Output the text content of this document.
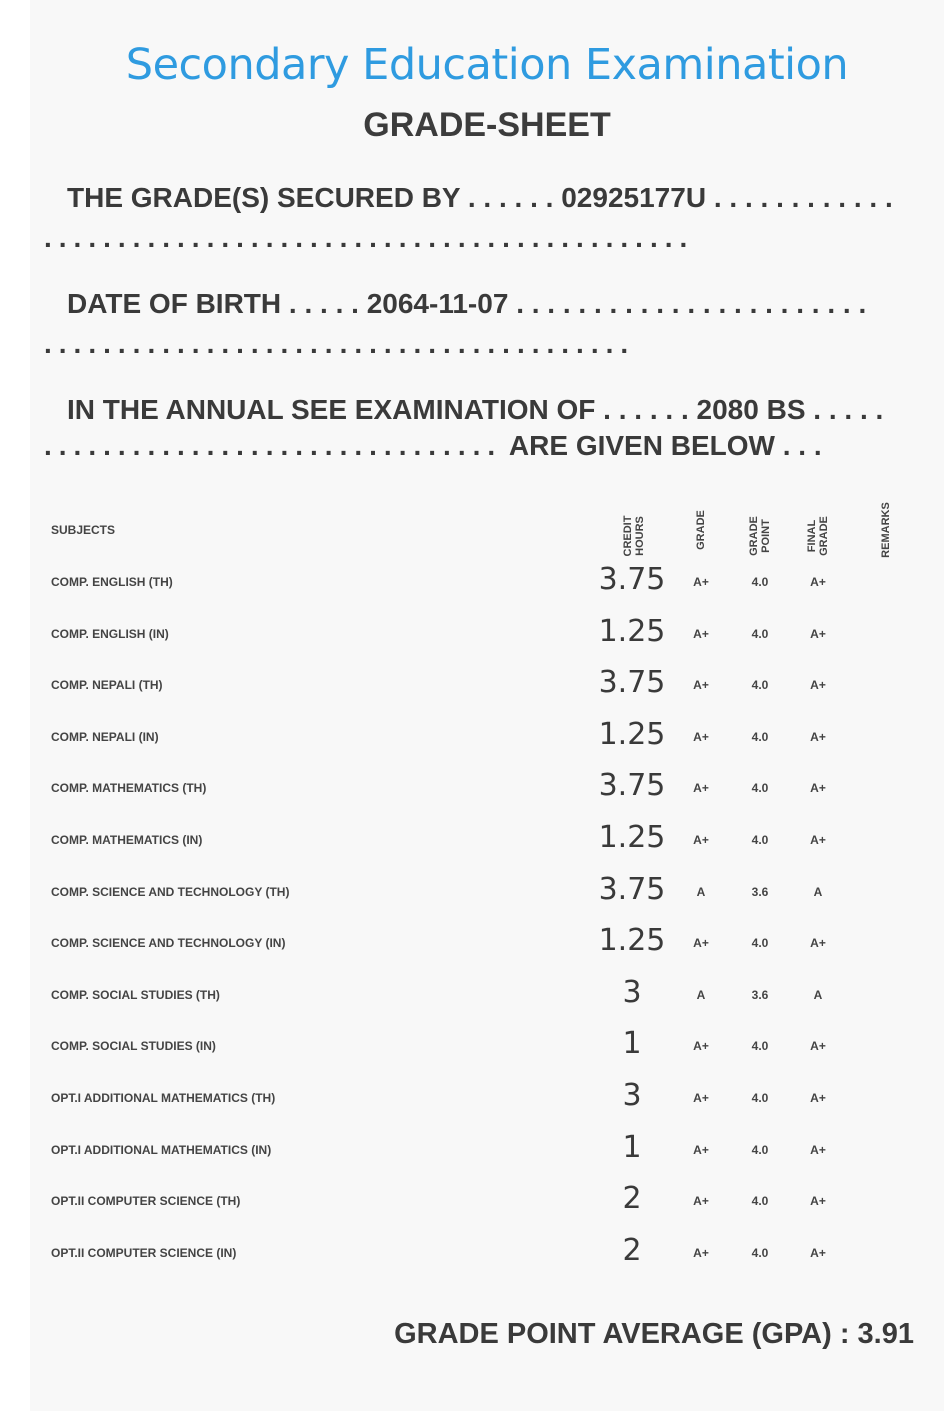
Secondary Education Examination
GRADE-SHEET
THE GRADE(S) SECURED BY . . . . . . 02925177U . . . . . . . . . . . .
............................................
DATE OF BIRTH . . . . . 2064-11-07 . . . . . . . . . . . . . . . . . . . . . . .
........................................
IN THE ANNUAL SEE EXAMINATION OF . . . . . . 2080 BS . . . . .
............................... ARE GIVEN BELOW . . .
SUBJECTS	CREDIT HOURS	GRADE	GRADE POINT	FINAL GRADE	REMARKS
COMP. ENGLISH (TH)	3.75	A+	4.0	A+
COMP. ENGLISH (IN)	1.25	A+	4.0	A+
COMP. NEPALI (TH)	3.75	A+	4.0	A+
COMP. NEPALI (IN)	1.25	A+	4.0	A+
COMP. MATHEMATICS (TH)	3.75	A+	4.0	A+
COMP. MATHEMATICS (IN)	1.25	A+	4.0	A+
COMP. SCIENCE AND TECHNOLOGY (TH)	3.75	A	3.6	A
COMP. SCIENCE AND TECHNOLOGY (IN)	1.25	A+	4.0	A+
COMP. SOCIAL STUDIES (TH)	3	A	3.6	A
COMP. SOCIAL STUDIES (IN)	1	A+	4.0	A+
OPT.I ADDITIONAL MATHEMATICS (TH)	3	A+	4.0	A+
OPT.I ADDITIONAL MATHEMATICS (IN)	1	A+	4.0	A+
OPT.II COMPUTER SCIENCE (TH)	2	A+	4.0	A+
OPT.II COMPUTER SCIENCE (IN)	2	A+	4.0	A+
GRADE POINT AVERAGE (GPA) : 3.91
